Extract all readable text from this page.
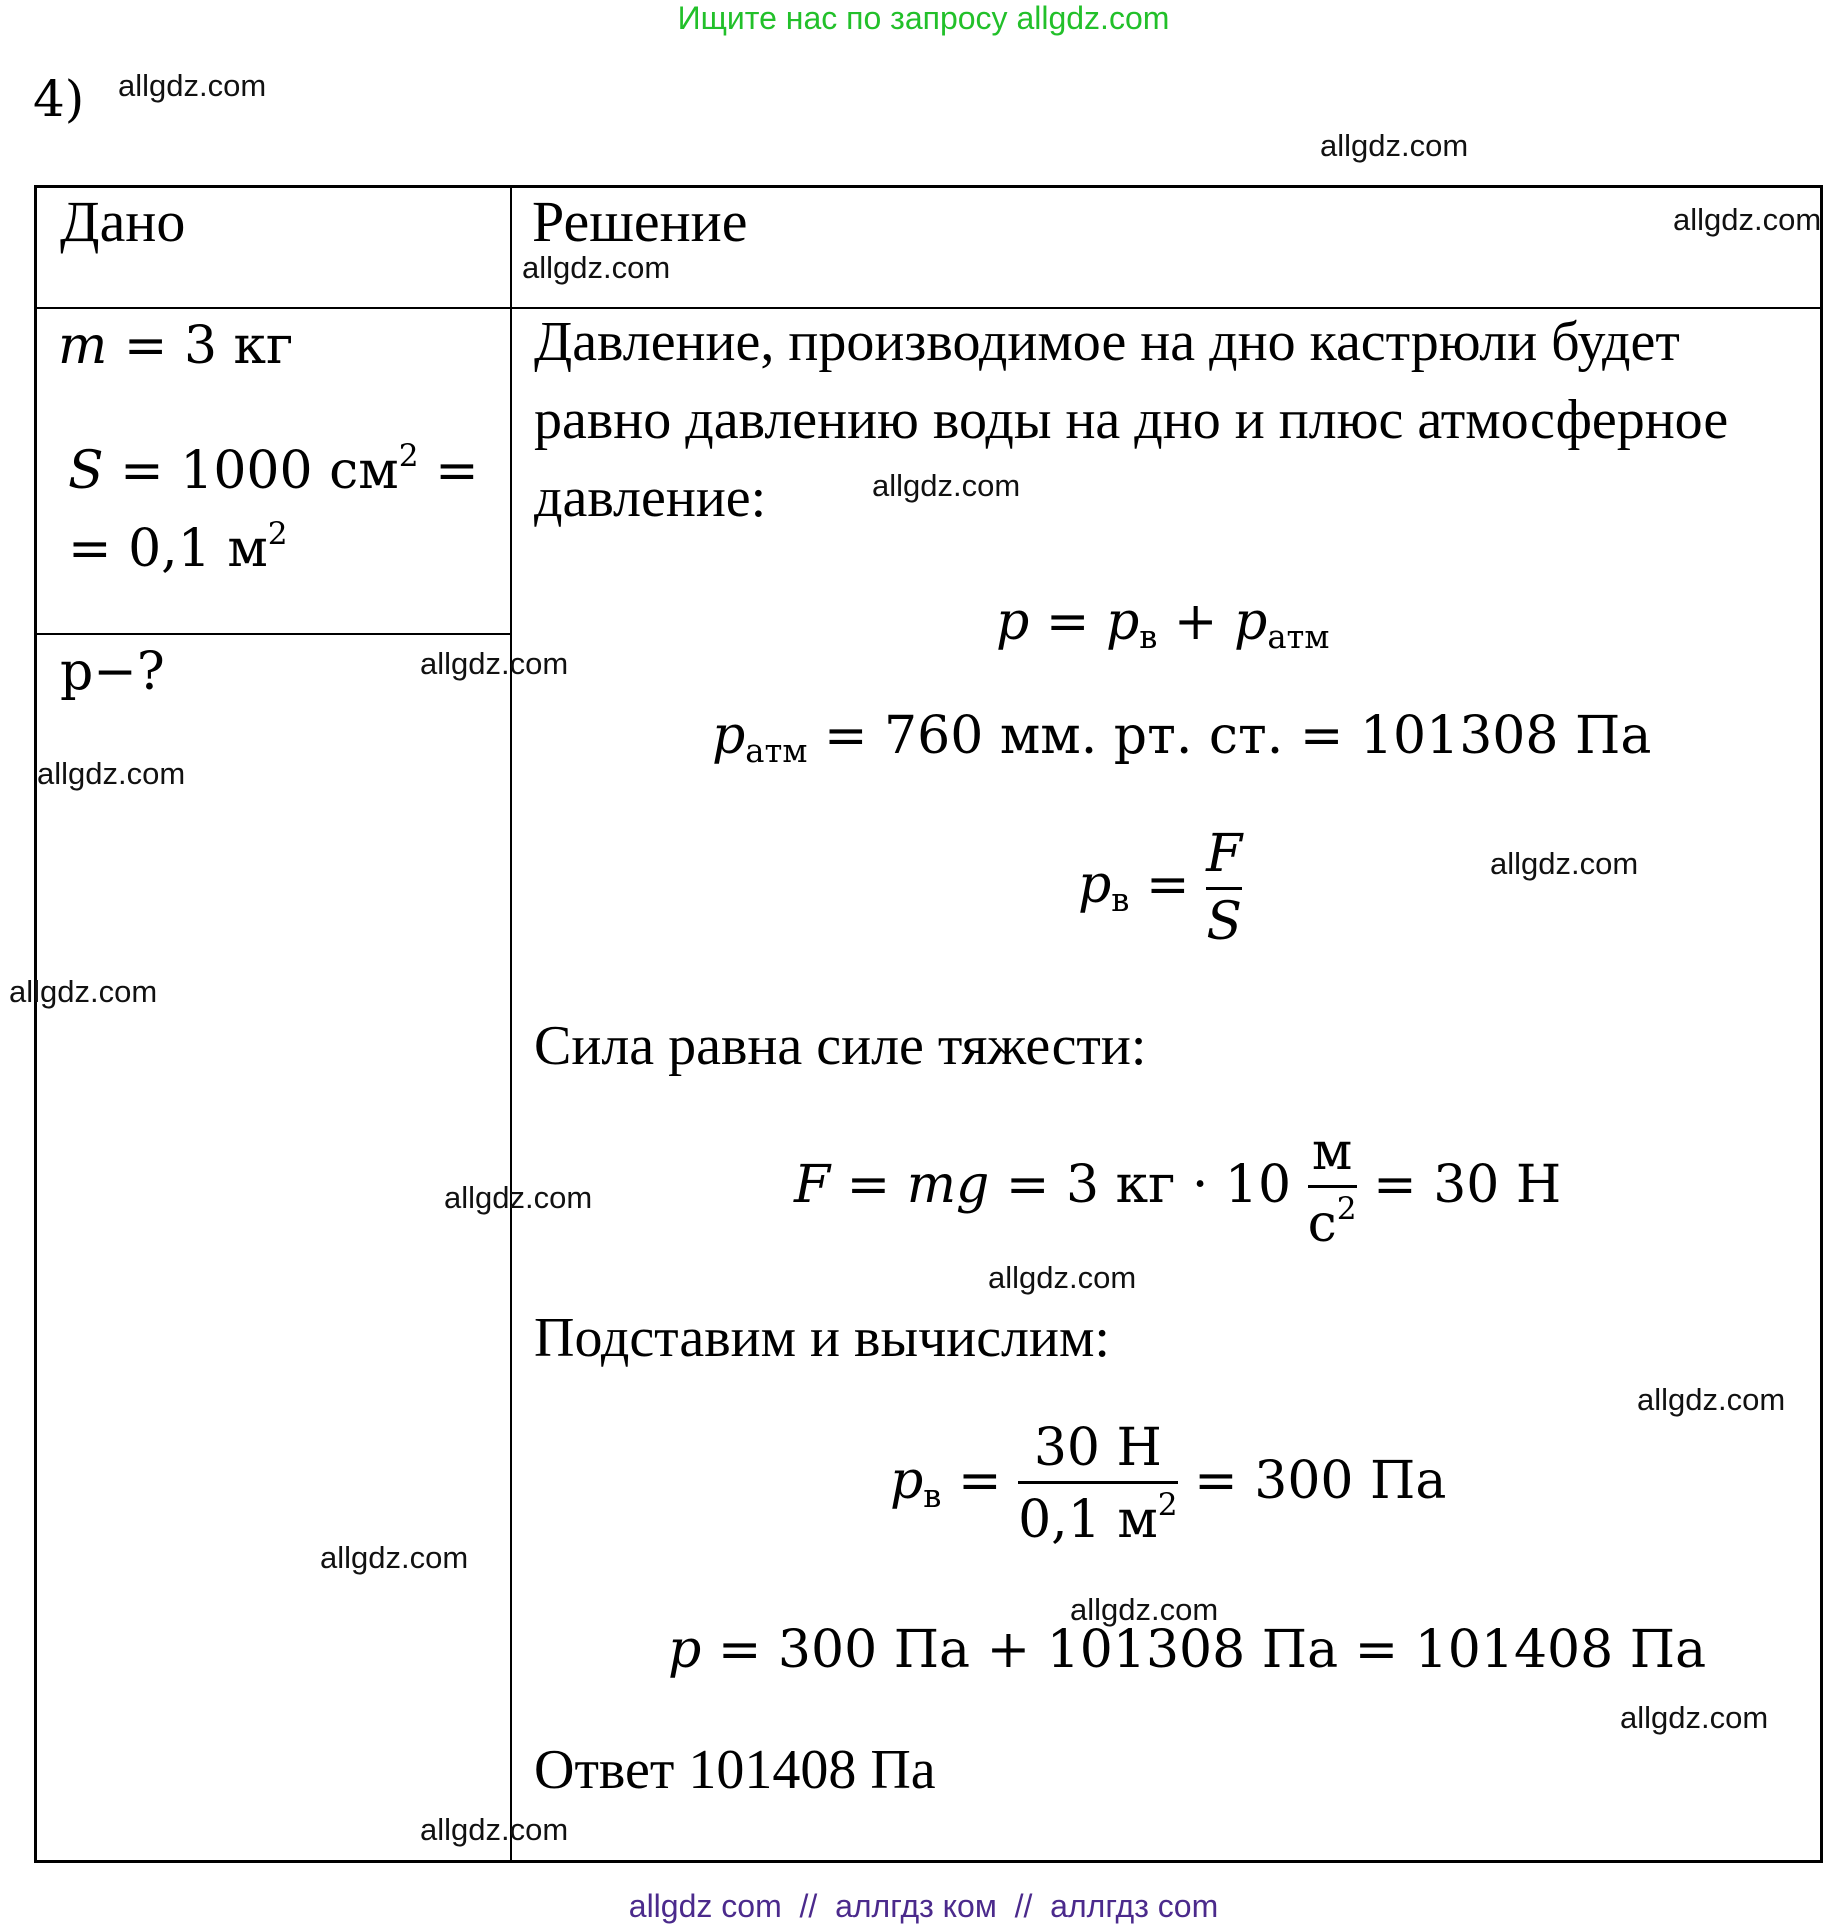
Ищите нас по запросу allgdz.com
4)
Дано	Решение
m = 3 кг
S = 1000 $см^2$ =
= 0,1 $м^2$
p−?
Давление, производимое на дно кастрюли будет
равно давлению воды на дно и плюс атмосферное
давление:
$p = p_в + p_{атм}$
$p_{атм} = 760$ мм. рт. ст. = 101308 Па
$p_в = \frac{F}{S}$
Сила равна силе тяжести:
F = mg = 3 кг · $10 \frac{м}{с^2} = 30$ Н
Подставим и вычислим:
$p_в = \frac{30 Н}{0,1 м^2} = 300$ Па
p = 300 Па + 101308 Па = 101408 Па
Ответ 101408 Па
allgdz.com
allgdz.com
allgdz.com
allgdz.com
allgdz.com
allgdz.com
allgdz.com
allgdz.com
allgdz.com
allgdz.com
allgdz.com
allgdz.com
allgdz.com
allgdz.com
allgdz.com
allgdz.com
allgdz com  //  аллгдз ком  //  аллгдз com
